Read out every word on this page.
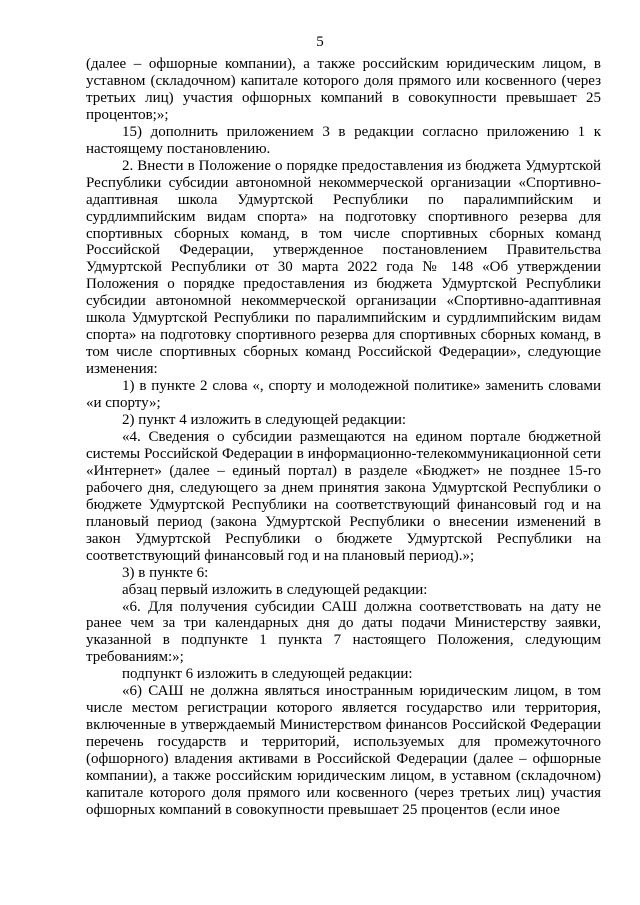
5

(далее – офшорные компании), а также российским юридическим лицом, в уставном (складочном) капитале которого доля прямого или косвенного (через третьих лиц) участия офшорных компаний в совокупности превышает 25 процентов;»;

15) дополнить приложением 3 в редакции согласно приложению 1 к настоящему постановлению.

2. Внести в Положение о порядке предоставления из бюджета Удмуртской Республики субсидии автономной некоммерческой организации «Спортивно-адаптивная школа Удмуртской Республики по паралимпийским и сурдлимпийским видам спорта» на подготовку спортивного резерва для спортивных сборных команд, в том числе спортивных сборных команд Российской Федерации, утвержденное постановлением Правительства Удмуртской Республики от 30 марта 2022 года № 148 «Об утверждении Положения о порядке предоставления из бюджета Удмуртской Республики субсидии автономной некоммерческой организации «Спортивно-адаптивная школа Удмуртской Республики по паралимпийским и сурдлимпийским видам спорта» на подготовку спортивного резерва для спортивных сборных команд, в том числе спортивных сборных команд Российской Федерации», следующие изменения:

1) в пункте 2 слова «, спорту и молодежной политике» заменить словами «и спорту»;

2) пункт 4 изложить в следующей редакции:

«4. Сведения о субсидии размещаются на едином портале бюджетной системы Российской Федерации в информационно-телекоммуникационной сети «Интернет» (далее – единый портал) в разделе «Бюджет» не позднее 15-го рабочего дня, следующего за днем принятия закона Удмуртской Республики о бюджете Удмуртской Республики на соответствующий финансовый год и на плановый период (закона Удмуртской Республики о внесении изменений в закон Удмуртской Республики о бюджете Удмуртской Республики на соответствующий финансовый год и на плановый период).»;

3) в пункте 6:

абзац первый изложить в следующей редакции:

«6. Для получения субсидии САШ должна соответствовать на дату не ранее чем за три календарных дня до даты подачи Министерству заявки, указанной в подпункте 1 пункта 7 настоящего Положения, следующим требованиям:»;

подпункт 6 изложить в следующей редакции:

«6) САШ не должна являться иностранным юридическим лицом, в том числе местом регистрации которого является государство или территория, включенные в утверждаемый Министерством финансов Российской Федерации перечень государств и территорий, используемых для промежуточного (офшорного) владения активами в Российской Федерации (далее – офшорные компании), а также российским юридическим лицом, в уставном (складочном) капитале которого доля прямого или косвенного (через третьих лиц) участия офшорных компаний в совокупности превышает 25 процентов (если иное
